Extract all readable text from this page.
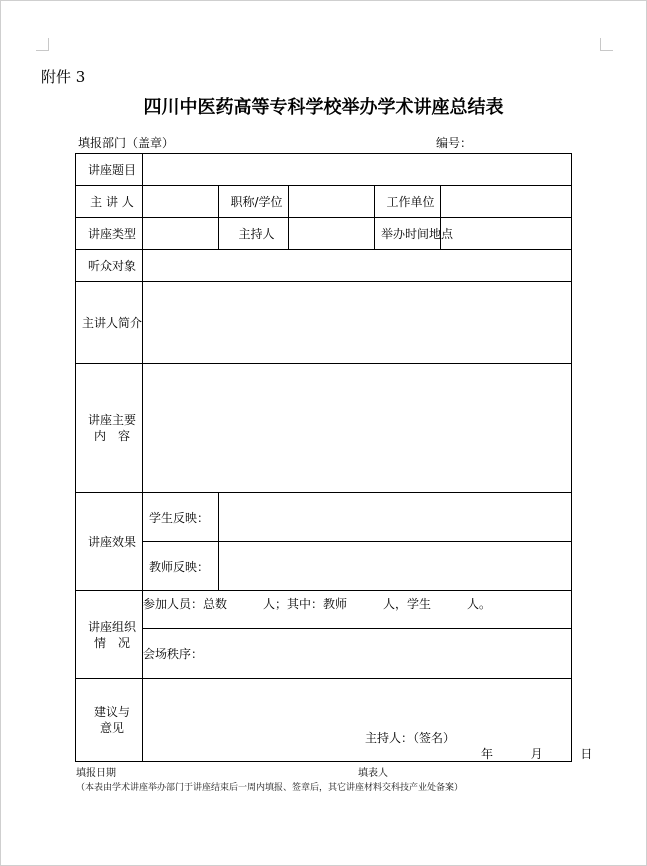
附件 3
四川中医药高等专科学校举办学术讲座总结表
填报部门（盖章）	编号：
讲座题目					
主 讲 人		职称/学位		工作单位	
讲座类型		主持人		举办时间地点	
听众对象					
主讲人简介					

讲座主要
内　容					

讲座效果	学生反映：				
	教师反映：				

讲座组织
情　况	参加人员：总数　　　人；其中：教师　　　人，学生　　　人。				
	会场秩序：				

建议与
意见	主持人：（签名）
年 月 日				
填报日期	填表人
（本表由学术讲座举办部门于讲座结束后一周内填报、签章后，其它讲座材料交科技产业处备案）
